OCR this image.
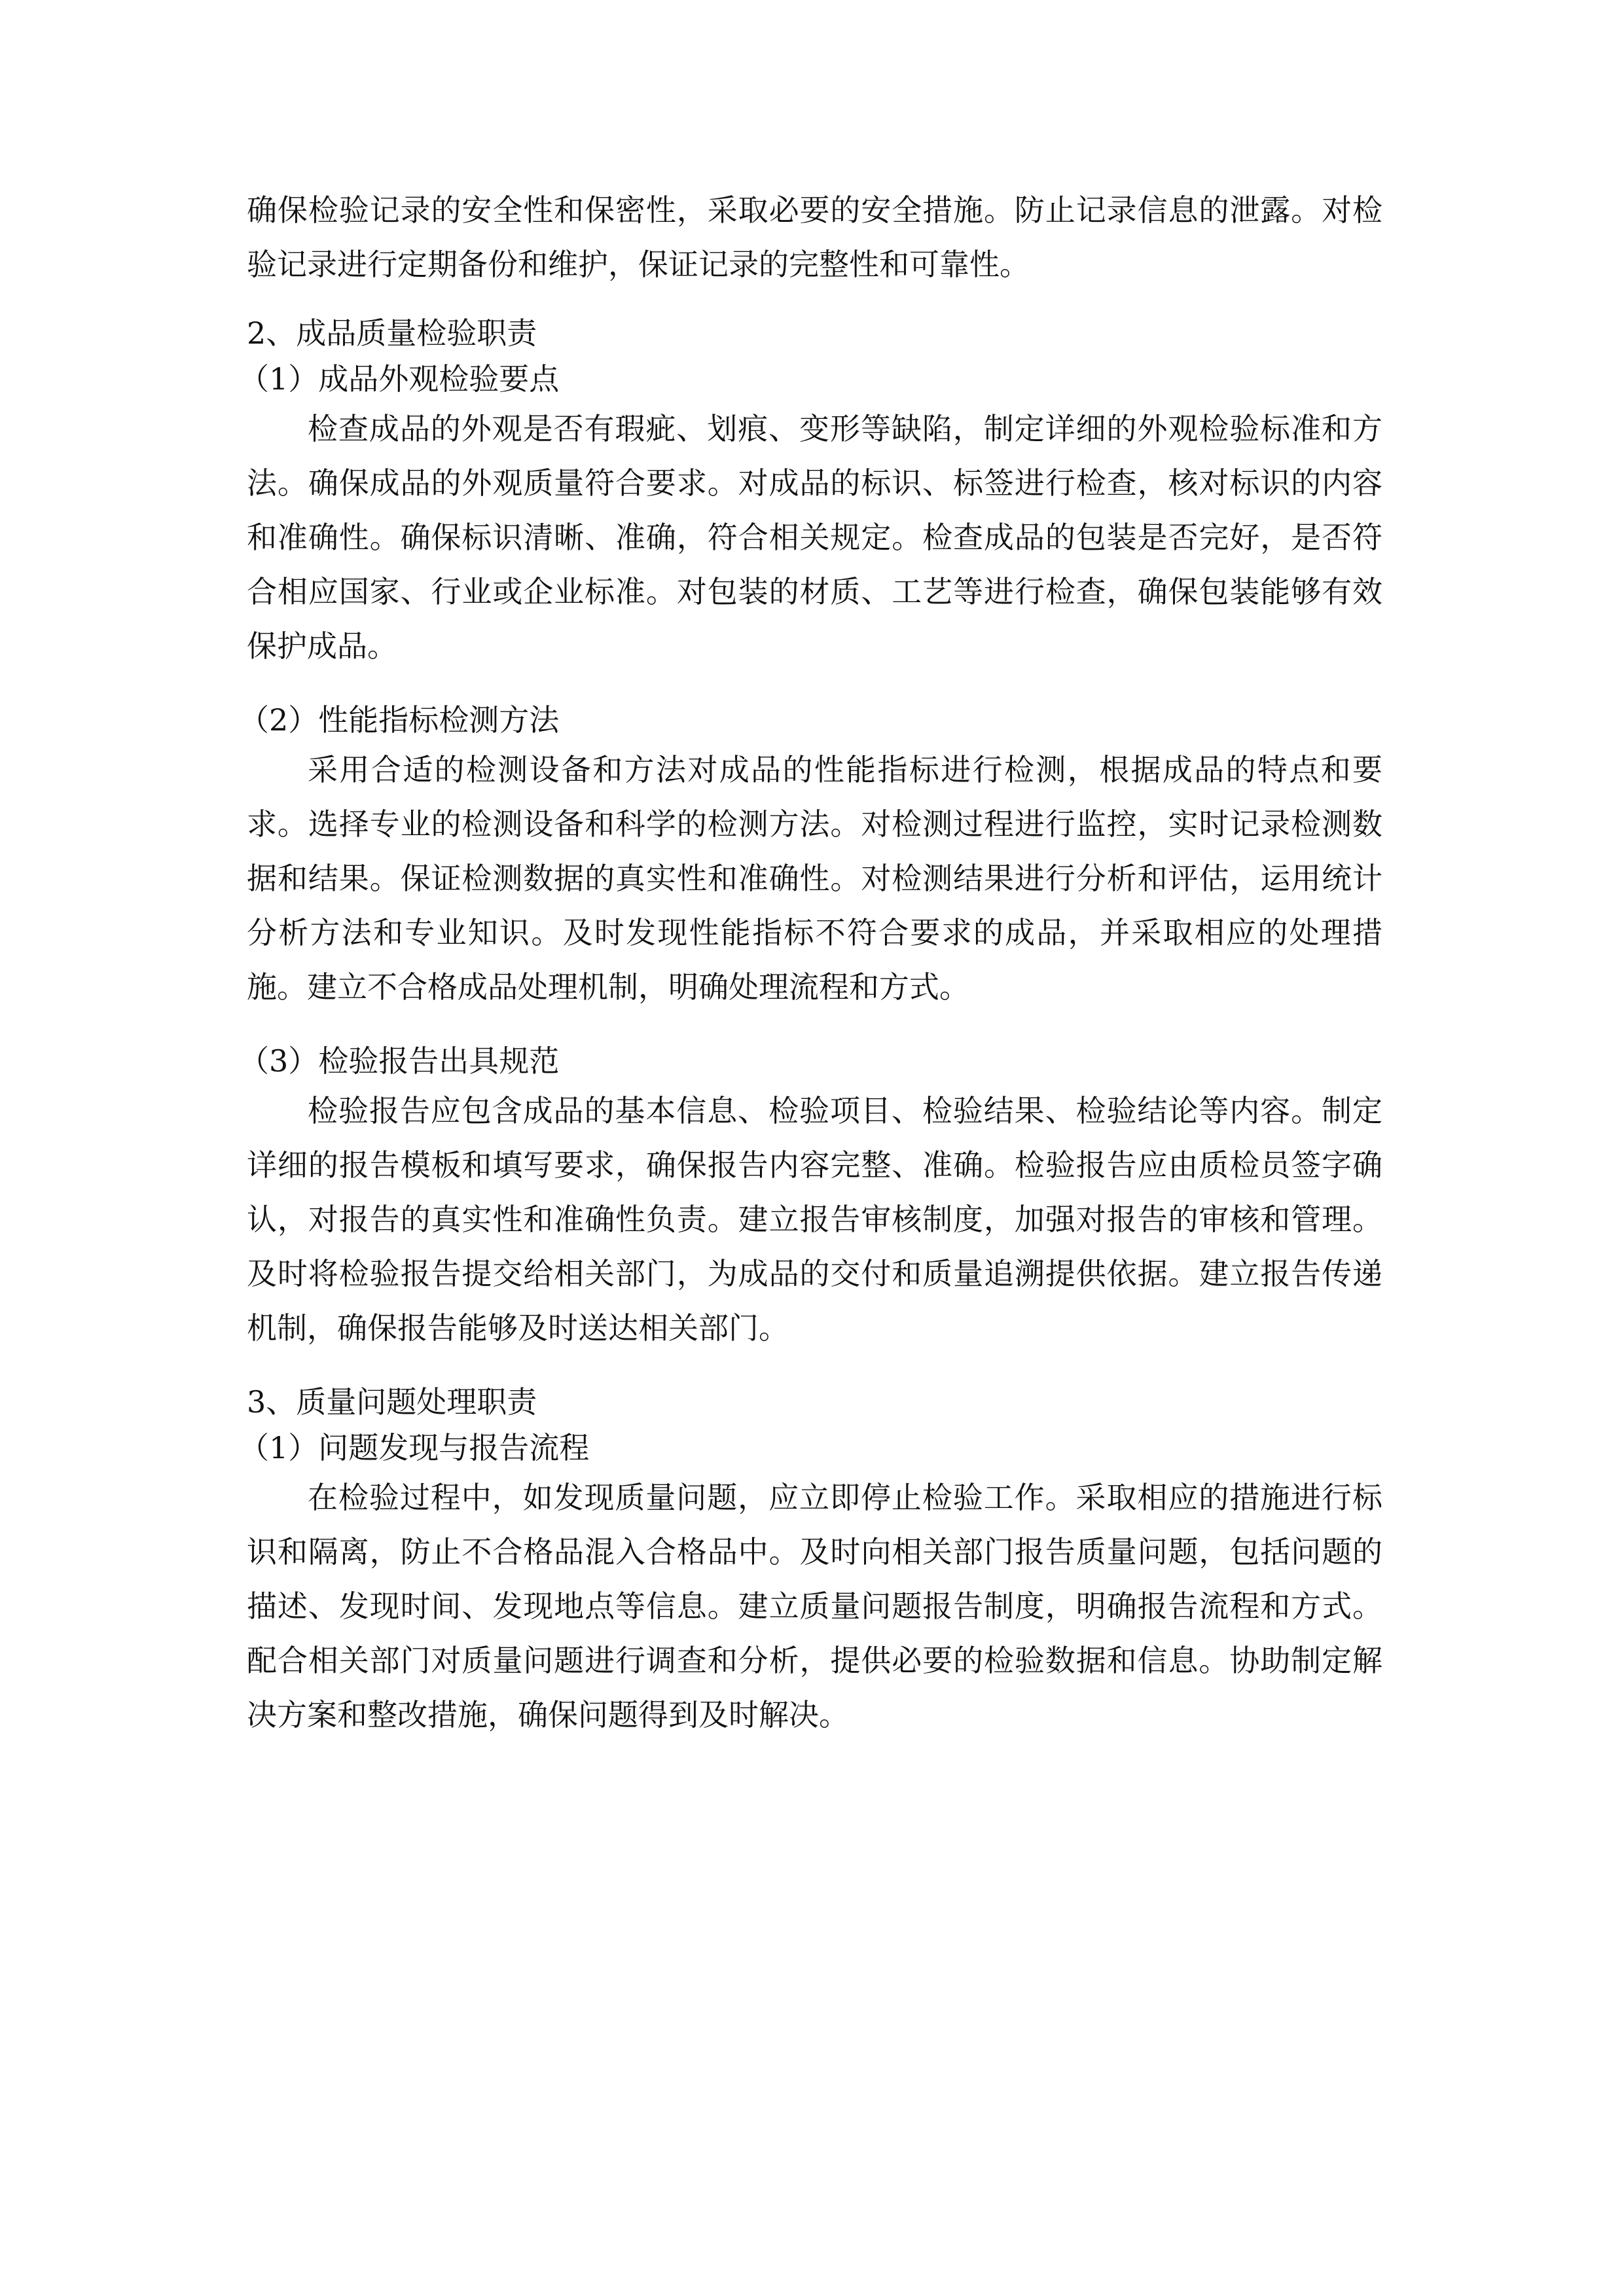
确保检验记录的安全性和保密性，采取必要的安全措施。防止记录信息的泄露。对检验记录进行定期备份和维护，保证记录的完整性和可靠性。

2、成品质量检验职责

（1）成品外观检验要点

检查成品的外观是否有瑕疵、划痕、变形等缺陷，制定详细的外观检验标准和方法。确保成品的外观质量符合要求。对成品的标识、标签进行检查，核对标识的内容和准确性。确保标识清晰、准确，符合相关规定。检查成品的包装是否完好，是否符合相应国家、行业或企业标准。对包装的材质、工艺等进行检查，确保包装能够有效保护成品。

（2）性能指标检测方法

采用合适的检测设备和方法对成品的性能指标进行检测，根据成品的特点和要求。选择专业的检测设备和科学的检测方法。对检测过程进行监控，实时记录检测数据和结果。保证检测数据的真实性和准确性。对检测结果进行分析和评估，运用统计分析方法和专业知识。及时发现性能指标不符合要求的成品，并采取相应的处理措施。建立不合格成品处理机制，明确处理流程和方式。

（3）检验报告出具规范

检验报告应包含成品的基本信息、检验项目、检验结果、检验结论等内容。制定详细的报告模板和填写要求，确保报告内容完整、准确。检验报告应由质检员签字确认，对报告的真实性和准确性负责。建立报告审核制度，加强对报告的审核和管理。及时将检验报告提交给相关部门，为成品的交付和质量追溯提供依据。建立报告传递机制，确保报告能够及时送达相关部门。

3、质量问题处理职责

（1）问题发现与报告流程

在检验过程中，如发现质量问题，应立即停止检验工作。采取相应的措施进行标识和隔离，防止不合格品混入合格品中。及时向相关部门报告质量问题，包括问题的描述、发现时间、发现地点等信息。建立质量问题报告制度，明确报告流程和方式。配合相关部门对质量问题进行调查和分析，提供必要的检验数据和信息。协助制定解决方案和整改措施，确保问题得到及时解决。
